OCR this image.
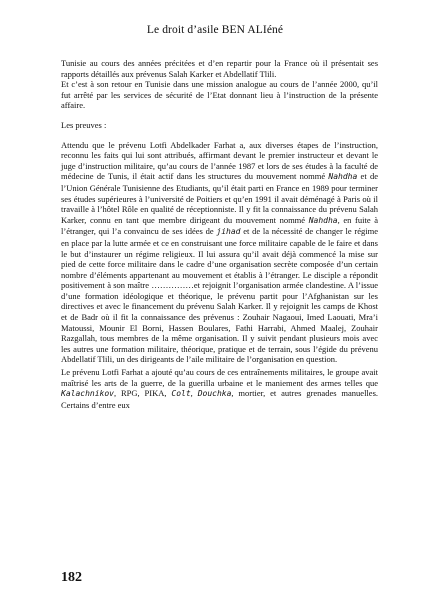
Le droit d’asile BEN ALIéné

Tunisie au cours des années précitées et d’en repartir pour la France où il présentait ses rapports détaillés aux prévenus Salah Karker et Abdellatif Tlili.

Et c’est à son retour en Tunisie dans une mission analogue au cours de l’année 2000, qu’il fut arrêté par les services de sécurité de l’Etat donnant lieu à l’instruction de la présente affaire.

Les preuves :

Attendu que le prévenu Lotfi Abdelkader Farhat a, aux diverses étapes de l’instruction, reconnu les faits qui lui sont attribués, affirmant devant le premier instructeur et devant le juge d’instruction militaire, qu’au cours de l’année 1987 et lors de ses études à la faculté de médecine de Tunis, il était actif dans les structures du mouvement nommé Nahdha et de l’Union Générale Tunisienne des Etudiants, qu’il était parti en France en 1989 pour terminer ses études supérieures à l’université de Poitiers et qu’en 1991 il avait déménagé à Paris où il travaille à l’hôtel Rôle en qualité de réceptionniste. Il y fit la connaissance du prévenu Salah Karker, connu en tant que membre dirigeant du mouvement nommé Nahdha, en fuite à l’étranger, qui l’a convaincu de ses idées de jihad et de la nécessité de changer le régime en place par la lutte armée et ce en construisant une force militaire capable de le faire et dans le but d’instaurer un régime religieux. Il lui assura qu’il avait déjà commencé la mise sur pied de cette force militaire dans le cadre d’une organisation secrète composée d’un certain nombre d’éléments appartenant au mouvement et établis à l’étranger. Le disciple a répondit positivement à son maître ……………et rejoignit l’organisation armée clandestine. A l’issue d’une formation idéologique et théorique, le prévenu partit pour l’Afghanistan sur les directives et avec le financement du prévenu Salah Karker. Il y rejoignit les camps de Khost et de Badr où il fit la connaissance des prévenus : Zouhair Nagaoui, Imed Laouati, Mra’i Matoussi, Mounir El Borni, Hassen Boulares, Fathi Harrabi, Ahmed Maalej, Zouhair Razgallah, tous membres de la même organisation. Il y suivit pendant plusieurs mois avec les autres une formation militaire, théorique, pratique et de terrain, sous l’égide du prévenu Abdellatif Tlili, un des dirigeants de l’aile militaire de l’organisation en question.

Le prévenu Lotfi Farhat a ajouté qu’au cours de ces entraînements militaires, le groupe avait maîtrisé les arts de la guerre, de la guerilla urbaine et le maniement des armes telles que Kalachnikov, RPG, PIKA, Colt, Douchka, mortier, et autres grenades manuelles. Certains d’entre eux

182
